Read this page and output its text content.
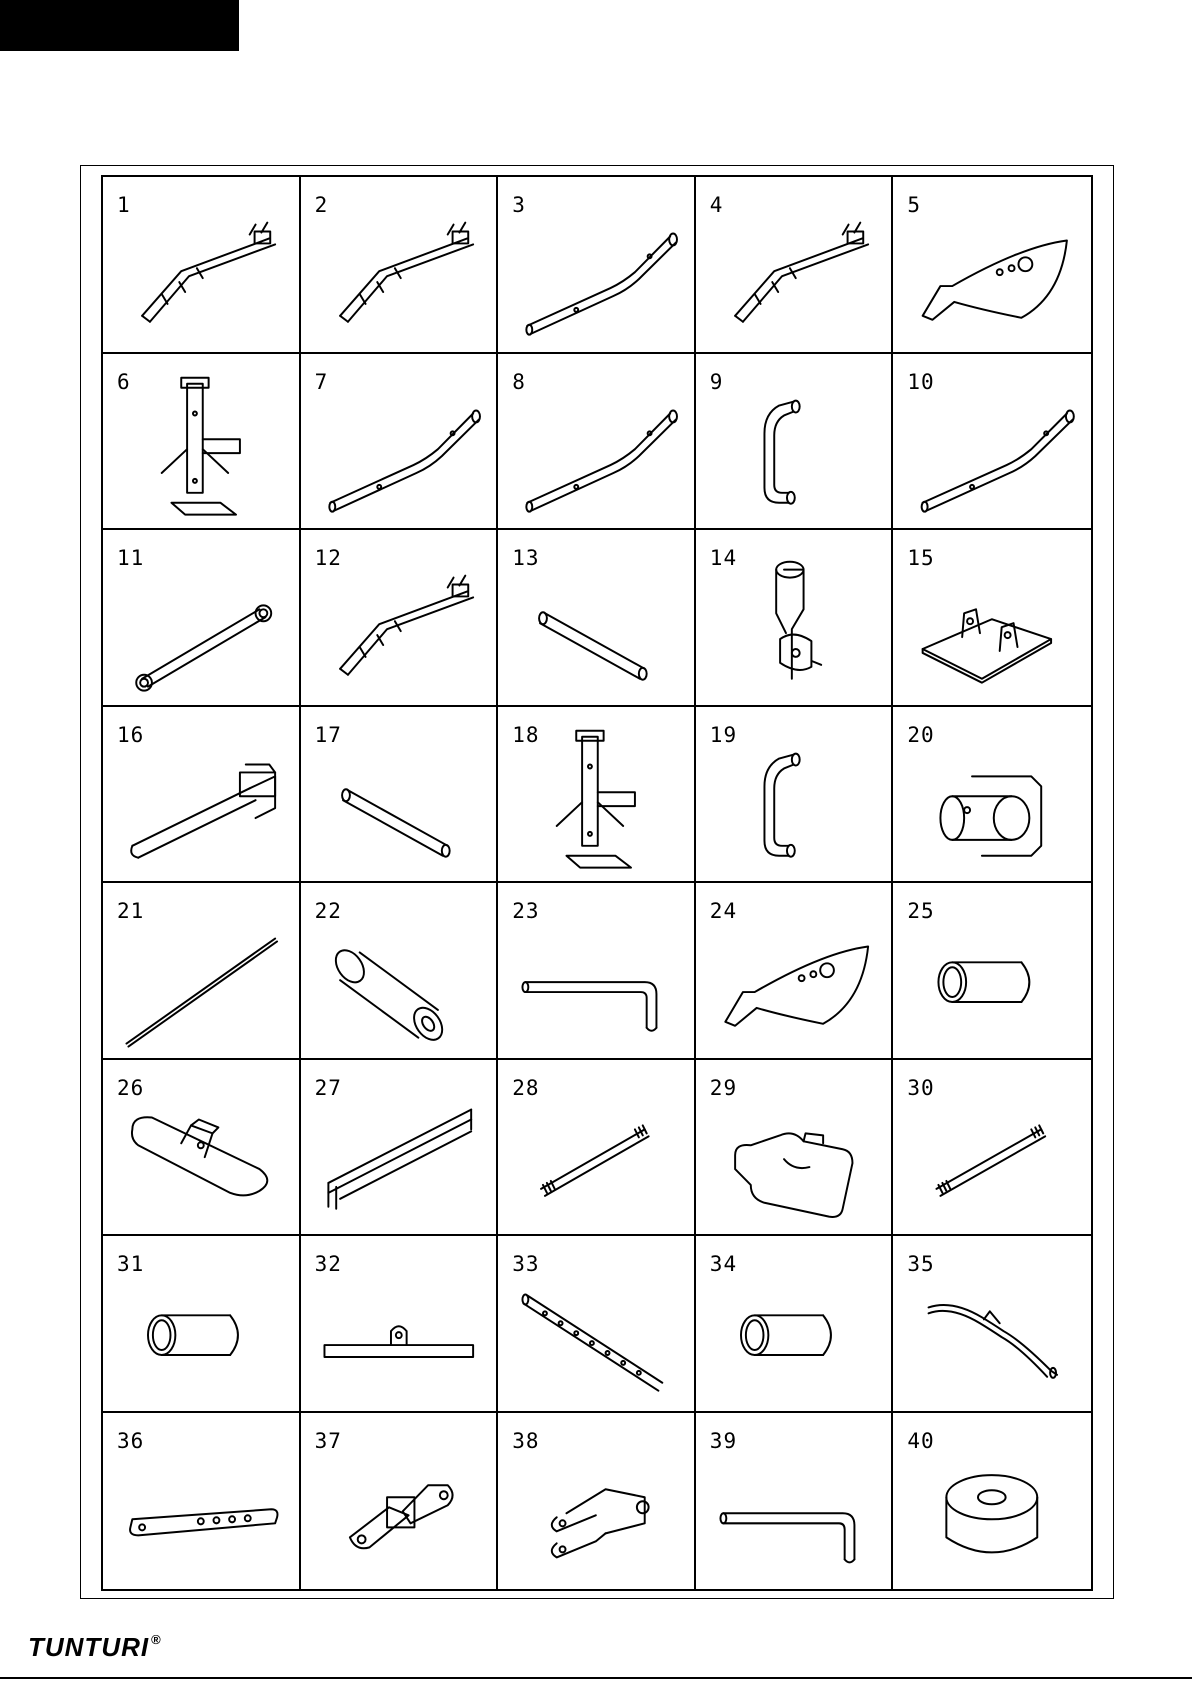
1	2	3	4	5
6	7	8	9	10
11	12	13	14	15
16	17	18	19	20
21	22	23	24	25
26	27	28	29	30
31	32	33	34	35
36	37	38	39	40
TUNTURI ®
